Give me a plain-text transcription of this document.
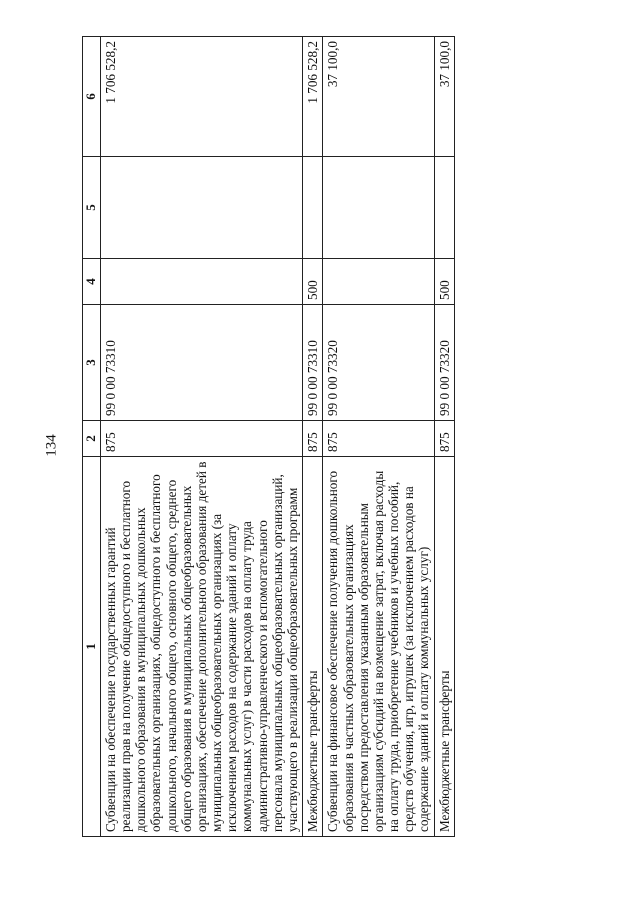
134
1	2	3	4	5	6
Субвенции на обеспечение государственных гарантий реализации прав на получение общедоступного и бесплатного дошкольного образования в муниципальных дошкольных образовательных организациях, общедоступного и бесплатного дошкольного, начального общего, основного общего, среднего общего образования в муниципальных общеобразовательных организациях, обеспечение дополнительного образования детей в муниципальных общеобразовательных организациях (за исключением расходов на содержание зданий и оплату коммунальных услуг) в части расходов на оплату труда административно-управленческого и вспомогательного персонала муниципальных общеобразовательных организаций, участвующего в реализации общеобразовательных программ	875	99 0 00 73310			1 706 528,2
Межбюджетные трансферты	875	99 0 00 73310	500		1 706 528,2
Субвенции на финансовое обеспечение получения дошкольного образования в частных образовательных организациях посредством предоставления указанным образовательным организациям субсидий на возмещение затрат, включая расходы на оплату труда, приобретение учебников и учебных пособий, средств обучения, игр, игрушек (за исключением расходов на содержание зданий и оплату коммунальных услуг)	875	99 0 00 73320			37 100,0
Межбюджетные трансферты	875	99 0 00 73320	500		37 100,0
